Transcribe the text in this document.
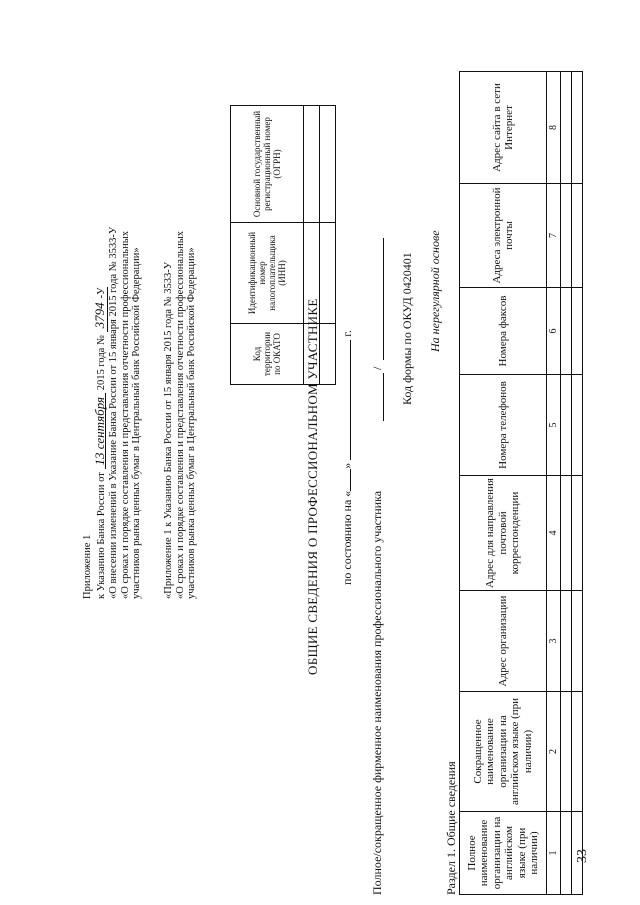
33
Приложение 1 к Указанию Банка России от 13 сентября 2015 года № 3794-У «О внесении изменений в Указание Банка России от 15 января 2015 года № 3533-У «О сроках и порядке составления и представления отчетности профессиональных участников рынка ценных бумаг в Центральный банк Российской Федерации» «Приложение 1 к Указанию Банка России от 15 января 2015 года № 3533-У «О сроках и порядке составления и представления отчетности профессиональных участников рынка ценных бумаг в Центральный банк Российской Федерации»	Код территории по ОКАТО	Идентификационный номер налогоплательщика (ИНН)	Основной государственный регистрационный номер (ОГРН)

ОБЩИЕ СВЕДЕНИЯ О ПРОФЕССИОНАЛЬНОМ УЧАСТНИКЕ по состоянию на «»  г.
Полное/сокращенное фирменное наименования профессионального участника
/ Код формы по ОКУД 0420401 На нерегулярной основе
Раздел 1. Общие сведения Полное наименование организации на английском языке (при наличии)	Сокращенное наименование организации на английском языке (при наличии)	Адрес организации	Адрес для направления почтовой корреспонденции	Номера телефонов	Номера факсов	Адреса электронной почты	Адрес сайта в сети Интернет
1	2	3	4	5	6	7	8
